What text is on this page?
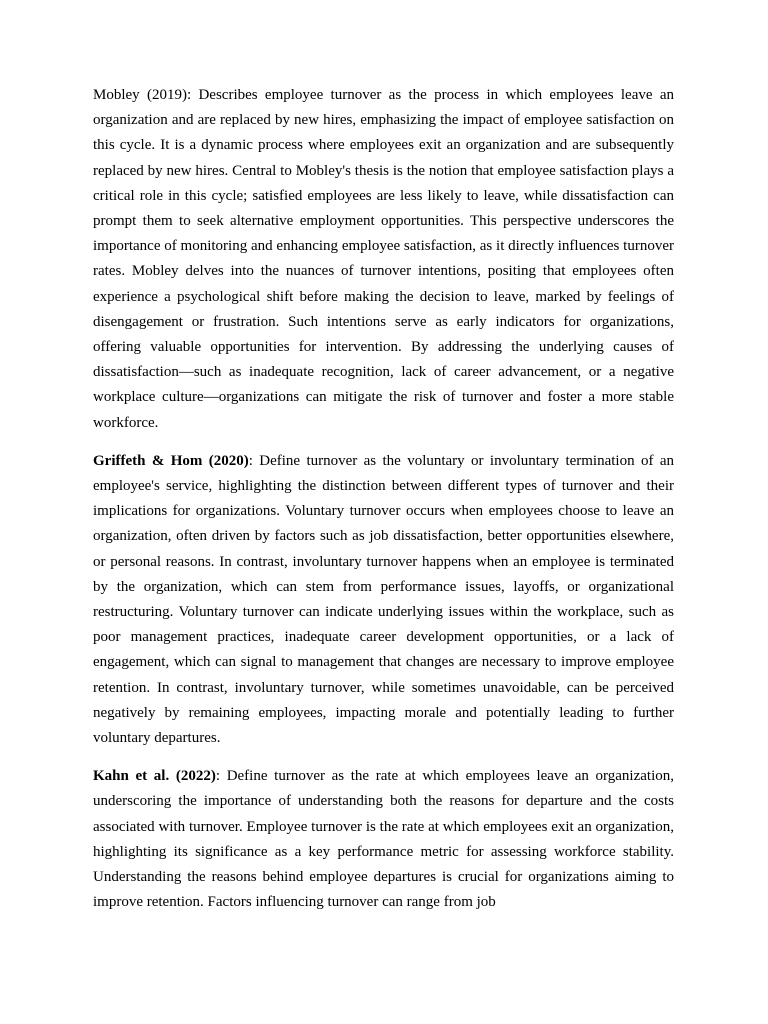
Mobley (2019): Describes employee turnover as the process in which employees leave an organization and are replaced by new hires, emphasizing the impact of employee satisfaction on this cycle. It is a dynamic process where employees exit an organization and are subsequently replaced by new hires. Central to Mobley's thesis is the notion that employee satisfaction plays a critical role in this cycle; satisfied employees are less likely to leave, while dissatisfaction can prompt them to seek alternative employment opportunities. This perspective underscores the importance of monitoring and enhancing employee satisfaction, as it directly influences turnover rates. Mobley delves into the nuances of turnover intentions, positing that employees often experience a psychological shift before making the decision to leave, marked by feelings of disengagement or frustration. Such intentions serve as early indicators for organizations, offering valuable opportunities for intervention. By addressing the underlying causes of dissatisfaction—such as inadequate recognition, lack of career advancement, or a negative workplace culture—organizations can mitigate the risk of turnover and foster a more stable workforce.

Griffeth & Hom (2020): Define turnover as the voluntary or involuntary termination of an employee's service, highlighting the distinction between different types of turnover and their implications for organizations. Voluntary turnover occurs when employees choose to leave an organization, often driven by factors such as job dissatisfaction, better opportunities elsewhere, or personal reasons. In contrast, involuntary turnover happens when an employee is terminated by the organization, which can stem from performance issues, layoffs, or organizational restructuring. Voluntary turnover can indicate underlying issues within the workplace, such as poor management practices, inadequate career development opportunities, or a lack of engagement, which can signal to management that changes are necessary to improve employee retention. In contrast, involuntary turnover, while sometimes unavoidable, can be perceived negatively by remaining employees, impacting morale and potentially leading to further voluntary departures.

Kahn et al. (2022): Define turnover as the rate at which employees leave an organization, underscoring the importance of understanding both the reasons for departure and the costs associated with turnover. Employee turnover is the rate at which employees exit an organization, highlighting its significance as a key performance metric for assessing workforce stability. Understanding the reasons behind employee departures is crucial for organizations aiming to improve retention. Factors influencing turnover can range from job
